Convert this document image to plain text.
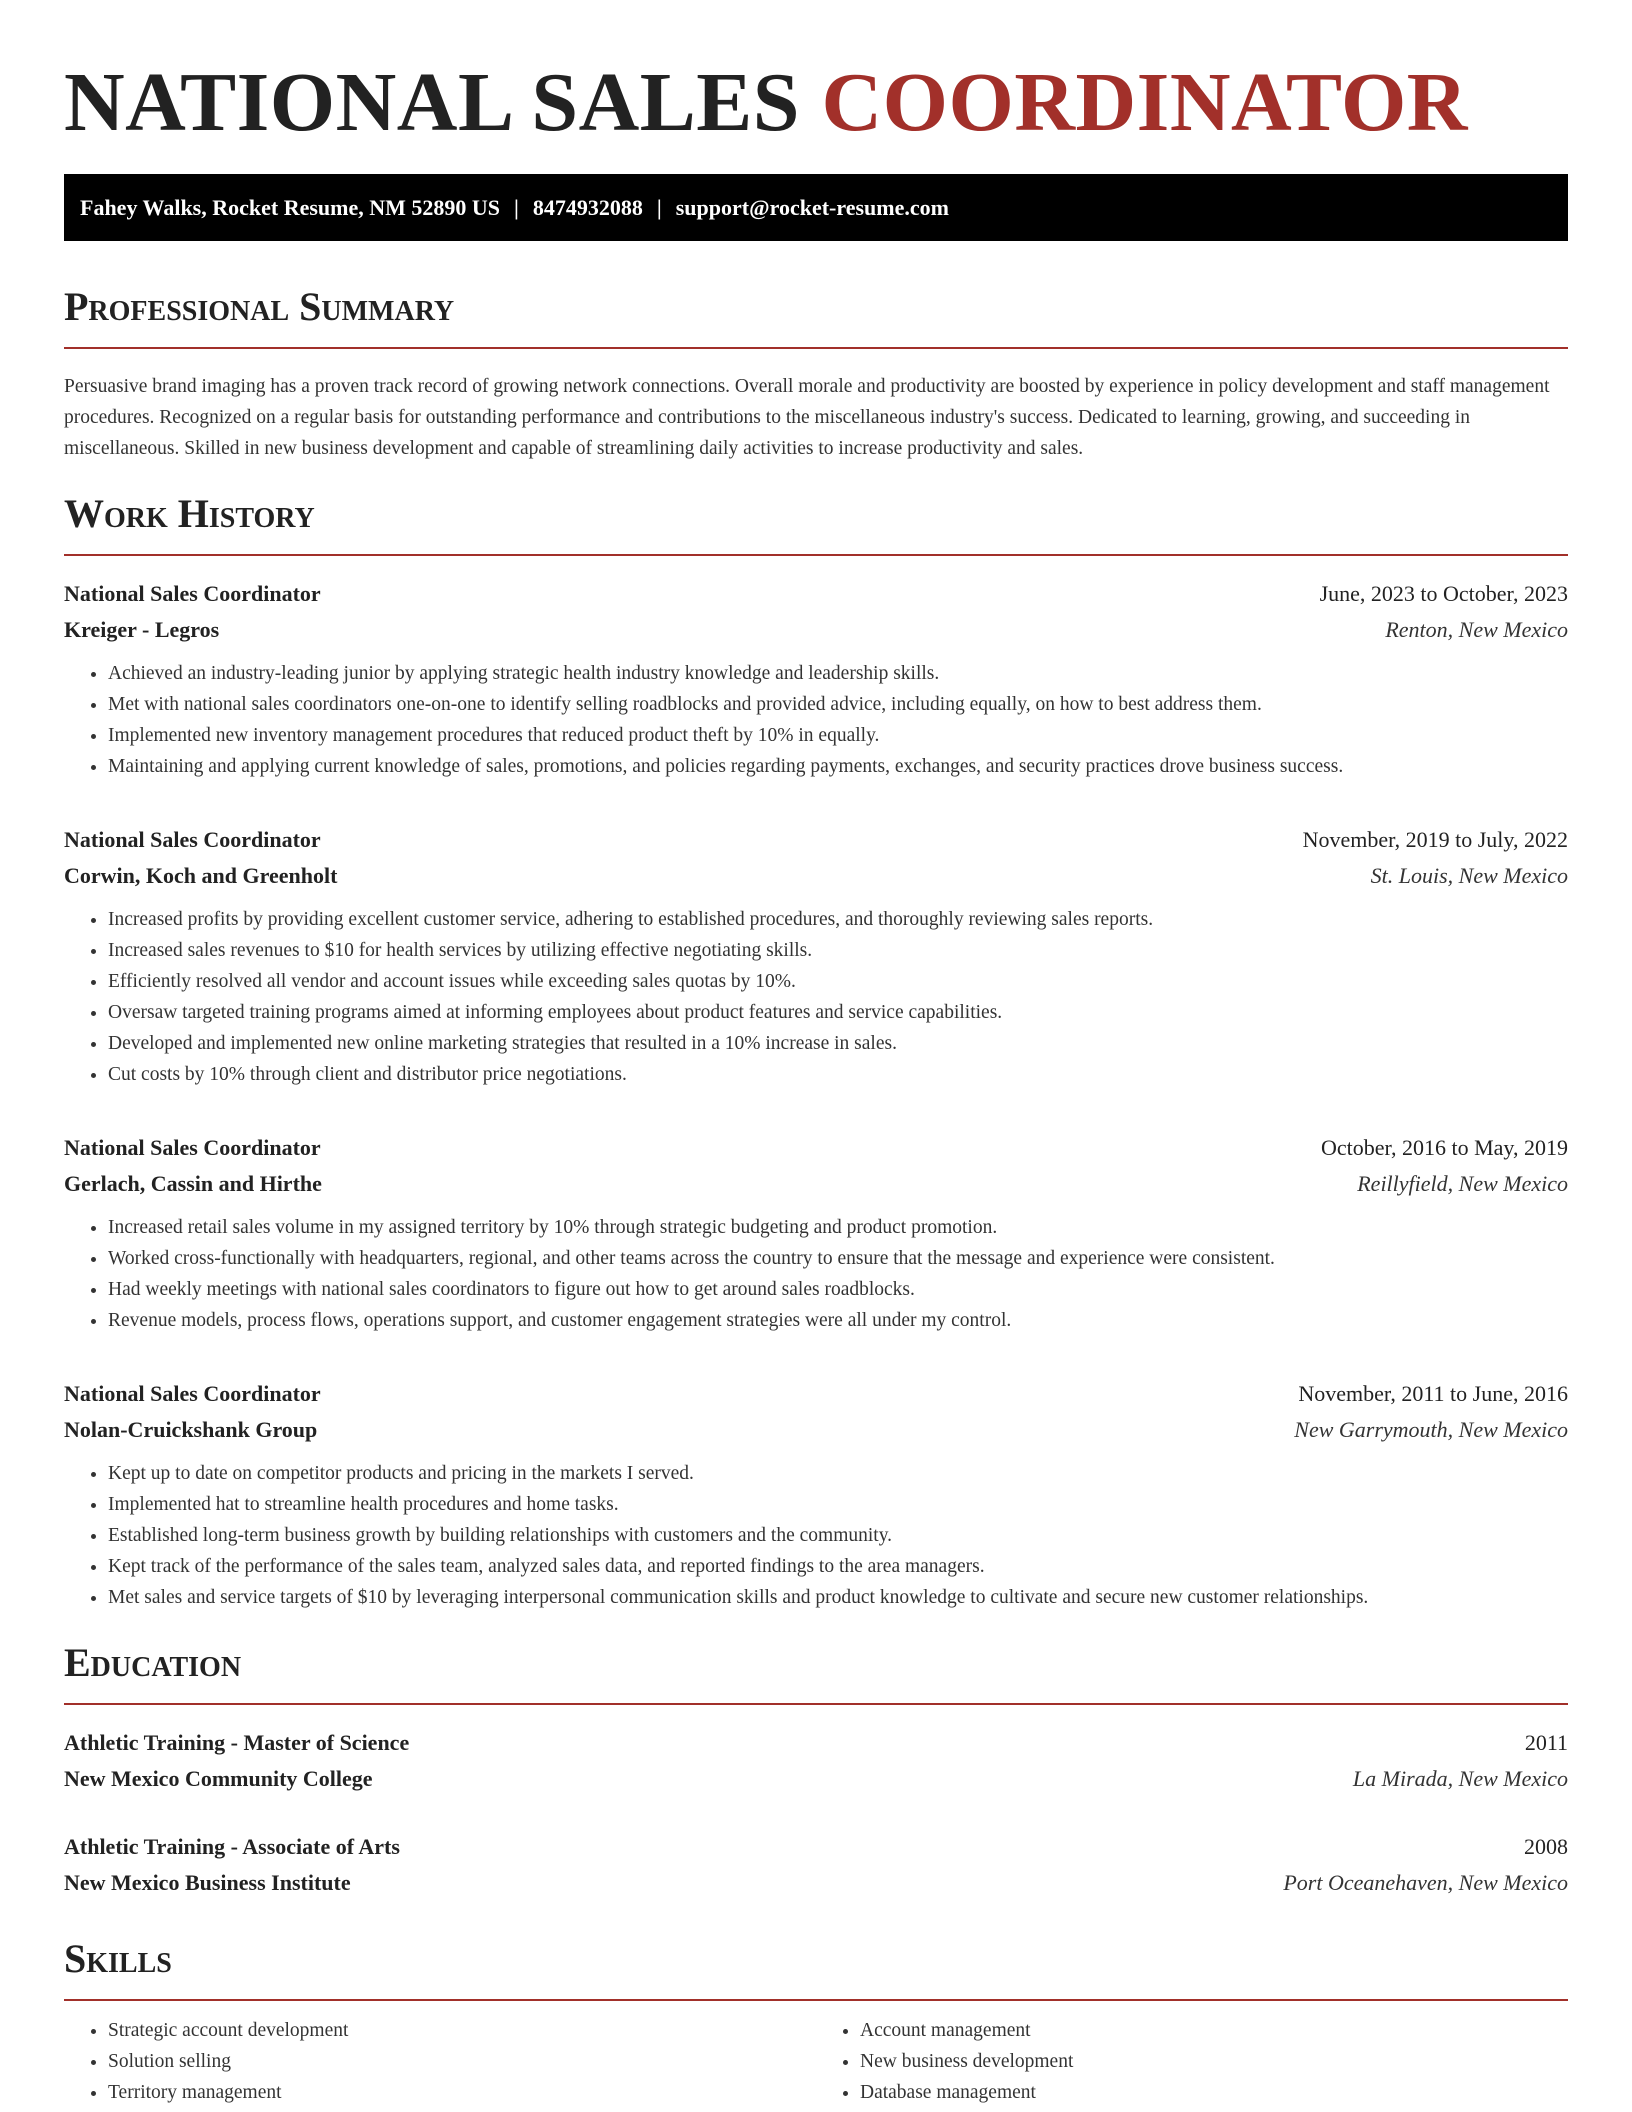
NATIONAL SALES COORDINATOR
Fahey Walks, Rocket Resume, NM 52890 US | 8474932088 | support@rocket-resume.com
Professional Summary

Persuasive brand imaging has a proven track record of growing network connections. Overall morale and productivity are boosted by experience in policy development and staff management procedures. Recognized on a regular basis for outstanding performance and contributions to the miscellaneous industry's success. Dedicated to learning, growing, and succeeding in miscellaneous. Skilled in new business development and capable of streamlining daily activities to increase productivity and sales.

Work History
National Sales Coordinator	June, 2023 to October, 2023
Kreiger - Legros	Renton, New Mexico
• Achieved an industry-leading junior by applying strategic health industry knowledge and leadership skills.
• Met with national sales coordinators one-on-one to identify selling roadblocks and provided advice, including equally, on how to best address them.
• Implemented new inventory management procedures that reduced product theft by 10% in equally.
• Maintaining and applying current knowledge of sales, promotions, and policies regarding payments, exchanges, and security practices drove business success.
National Sales Coordinator	November, 2019 to July, 2022
Corwin, Koch and Greenholt	St. Louis, New Mexico
• Increased profits by providing excellent customer service, adhering to established procedures, and thoroughly reviewing sales reports.
• Increased sales revenues to $10 for health services by utilizing effective negotiating skills.
• Efficiently resolved all vendor and account issues while exceeding sales quotas by 10%.
• Oversaw targeted training programs aimed at informing employees about product features and service capabilities.
• Developed and implemented new online marketing strategies that resulted in a 10% increase in sales.
• Cut costs by 10% through client and distributor price negotiations.
National Sales Coordinator	October, 2016 to May, 2019
Gerlach, Cassin and Hirthe	Reillyfield, New Mexico
• Increased retail sales volume in my assigned territory by 10% through strategic budgeting and product promotion.
• Worked cross-functionally with headquarters, regional, and other teams across the country to ensure that the message and experience were consistent.
• Had weekly meetings with national sales coordinators to figure out how to get around sales roadblocks.
• Revenue models, process flows, operations support, and customer engagement strategies were all under my control.
National Sales Coordinator	November, 2011 to June, 2016
Nolan-Cruickshank Group	New Garrymouth, New Mexico
• Kept up to date on competitor products and pricing in the markets I served.
• Implemented hat to streamline health procedures and home tasks.
• Established long-term business growth by building relationships with customers and the community.
• Kept track of the performance of the sales team, analyzed sales data, and reported findings to the area managers.
• Met sales and service targets of $10 by leveraging interpersonal communication skills and product knowledge to cultivate and secure new customer relationships.
Education
Athletic Training - Master of Science	2011
New Mexico Community College	La Mirada, New Mexico
Athletic Training - Associate of Arts	2008
New Mexico Business Institute	Port Oceanehaven, New Mexico
Skills
• Strategic account development
• Solution selling
• Territory management
• Account management
• New business development
• Database management
